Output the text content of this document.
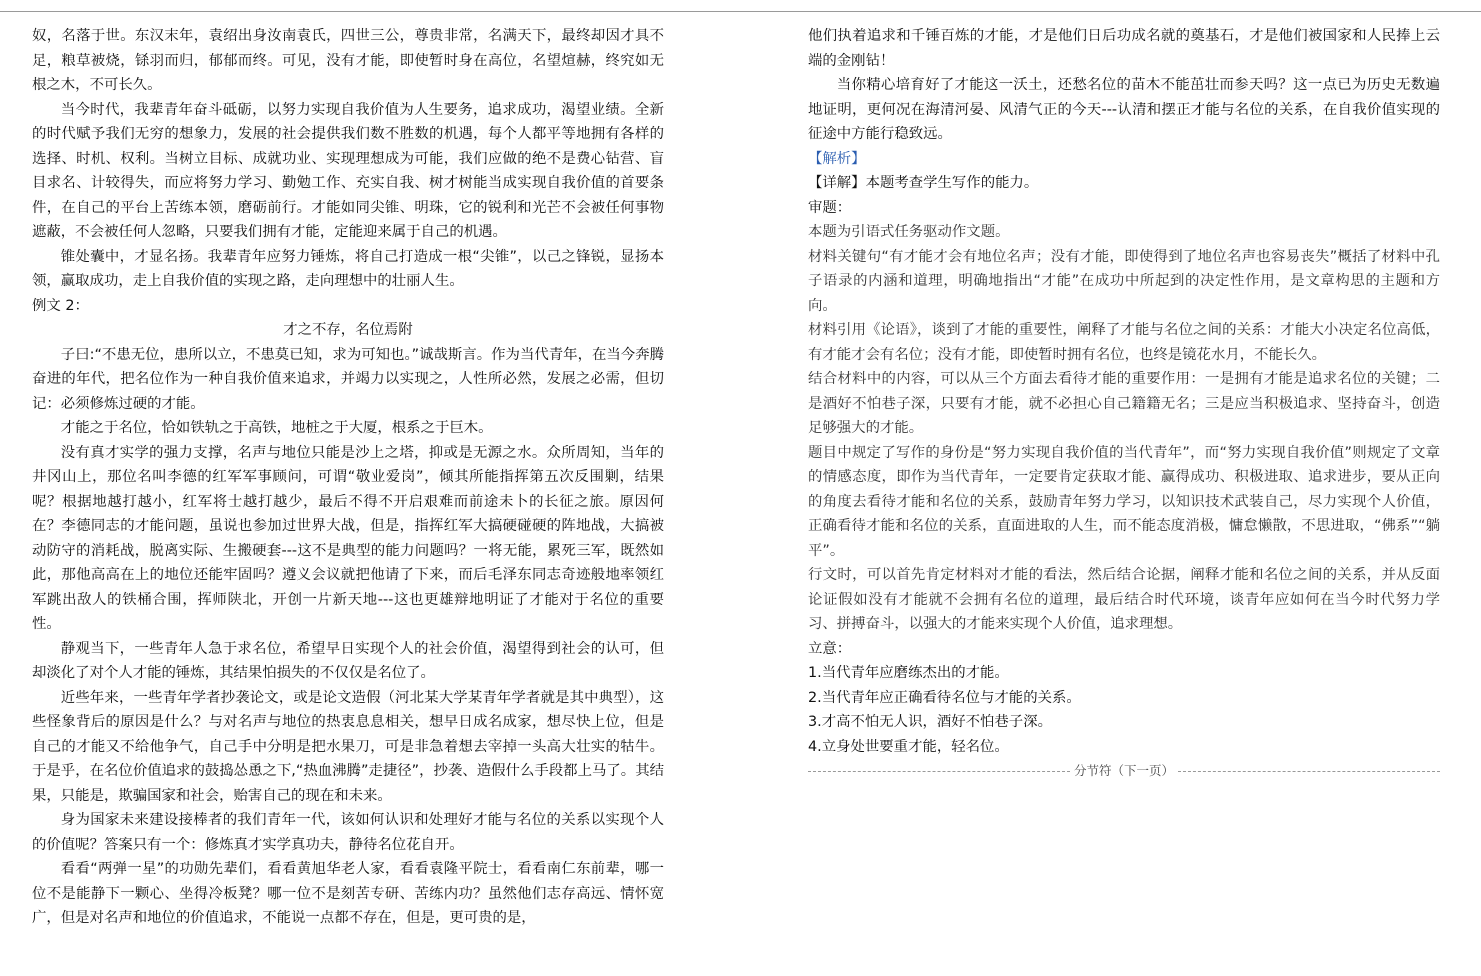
奴，名落于世。东汉末年，袁绍出身汝南袁氏，四世三公，尊贵非常，名满天下，最终却因才具不足，粮草被烧，铩羽而归，郁郁而终。可见，没有才能，即使暂时身在高位，名望煊赫，终究如无根之木，不可长久。

当今时代，我辈青年奋斗砥砺，以努力实现自我价值为人生要务，追求成功，渴望业绩。全新的时代赋予我们无穷的想象力，发展的社会提供我们数不胜数的机遇，每个人都平等地拥有各样的选择、时机、权利。当树立目标、成就功业、实现理想成为可能，我们应做的绝不是费心钻营、盲目求名、计较得失，而应将努力学习、勤勉工作、充实自我、树才树能当成实现自我价值的首要条件，在自己的平台上苦练本领，磨砺前行。才能如同尖锥、明珠，它的锐利和光芒不会被任何事物遮蔽，不会被任何人忽略，只要我们拥有才能，定能迎来属于自己的机遇。

锥处囊中，才显名扬。我辈青年应努力锤炼，将自己打造成一根“尖锥”，以己之锋锐，显扬本领，赢取成功，走上自我价值的实现之路，走向理想中的壮丽人生。

例文 2：

才之不存，名位焉附

子曰:“不患无位，患所以立，不患莫已知，求为可知也。”诚哉斯言。作为当代青年，在当今奔腾奋进的年代，把名位作为一种自我价值来追求，并竭力以实现之，人性所必然，发展之必需，但切记：必须修炼过硬的才能。

才能之于名位，恰如铁轨之于高铁，地桩之于大厦，根系之于巨木。

没有真才实学的强力支撑，名声与地位只能是沙上之塔，抑或是无源之水。众所周知，当年的井冈山上，那位名叫李德的红军军事顾问，可谓“敬业爱岗”，倾其所能指挥第五次反围剿，结果呢？根据地越打越小，红军将士越打越少，最后不得不开启艰难而前途未卜的长征之旅。原因何在？李德同志的才能问题，虽说也参加过世界大战，但是，指挥红军大搞硬碰硬的阵地战，大搞被动防守的消耗战，脱离实际、生搬硬套---这不是典型的能力问题吗？一将无能，累死三军，既然如此，那他高高在上的地位还能牢固吗？遵义会议就把他请了下来，而后毛泽东同志奇迹般地率领红军跳出敌人的铁桶合围，挥师陕北，开创一片新天地---这也更雄辩地明证了才能对于名位的重要性。

静观当下，一些青年人急于求名位，希望早日实现个人的社会价值，渴望得到社会的认可，但却淡化了对个人才能的锤炼，其结果怕损失的不仅仅是名位了。

近些年来，一些青年学者抄袭论文，或是论文造假（河北某大学某青年学者就是其中典型），这些怪象背后的原因是什么？与对名声与地位的热衷息息相关，想早日成名成家，想尽快上位，但是自己的才能又不给他争气，自己手中分明是把水果刀，可是非急着想去宰掉一头高大壮实的牯牛。于是乎，在名位价值追求的鼓捣怂恿之下,“热血沸腾”走捷径”，抄袭、造假什么手段都上马了。其结果，只能是，欺骗国家和社会，贻害自己的现在和未来。

身为国家未来建设接棒者的我们青年一代，该如何认识和处理好才能与名位的关系以实现个人的价值呢？答案只有一个：修炼真才实学真功夫，静待名位花自开。

看看“两弹一星”的功勋先辈们，看看黄旭华老人家，看看袁隆平院士，看看南仁东前辈，哪一位不是能静下一颗心、坐得冷板凳？哪一位不是刻苦专研、苦练内功？虽然他们志存高远、情怀宽广，但是对名声和地位的价值追求，不能说一点都不存在，但是，更可贵的是，

他们执着追求和千锤百炼的才能，才是他们日后功成名就的奠基石，才是他们被国家和人民捧上云端的金刚钻！

当你精心培育好了才能这一沃土，还愁名位的苗木不能茁壮而参天吗？这一点已为历史无数遍地证明，更何况在海清河晏、风清气正的今天---认清和摆正才能与名位的关系，在自我价值实现的征途中方能行稳致远。

【解析】

【详解】本题考查学生写作的能力。

审题：

本题为引语式任务驱动作文题。

材料关键句“有才能才会有地位名声；没有才能，即使得到了地位名声也容易丧失”概括了材料中孔子语录的内涵和道理，明确地指出“才能”在成功中所起到的决定性作用，是文章构思的主题和方向。

材料引用《论语》，谈到了才能的重要性，阐释了才能与名位之间的关系：才能大小决定名位高低，有才能才会有名位；没有才能，即使暂时拥有名位，也终是镜花水月，不能长久。

结合材料中的内容，可以从三个方面去看待才能的重要作用：一是拥有才能是追求名位的关键；二是酒好不怕巷子深，只要有才能，就不必担心自己籍籍无名；三是应当积极追求、坚持奋斗，创造足够强大的才能。

题目中规定了写作的身份是“努力实现自我价值的当代青年”，而“努力实现自我价值”则规定了文章的情感态度，即作为当代青年，一定要肯定获取才能、赢得成功、积极进取、追求进步，要从正向的角度去看待才能和名位的关系，鼓励青年努力学习，以知识技术武装自己，尽力实现个人价值，正确看待才能和名位的关系，直面进取的人生，而不能态度消极，慵怠懒散，不思进取，“佛系”“躺平”。

行文时，可以首先肯定材料对才能的看法，然后结合论据，阐释才能和名位之间的关系，并从反面论证假如没有才能就不会拥有名位的道理，最后结合时代环境，谈青年应如何在当今时代努力学习、拼搏奋斗，以强大的才能来实现个人价值，追求理想。

立意：

1.当代青年应磨练杰出的才能。

2.当代青年应正确看待名位与才能的关系。

3.才高不怕无人识，酒好不怕巷子深。

4.立身处世要重才能，轻名位。

分节符（下一页）
